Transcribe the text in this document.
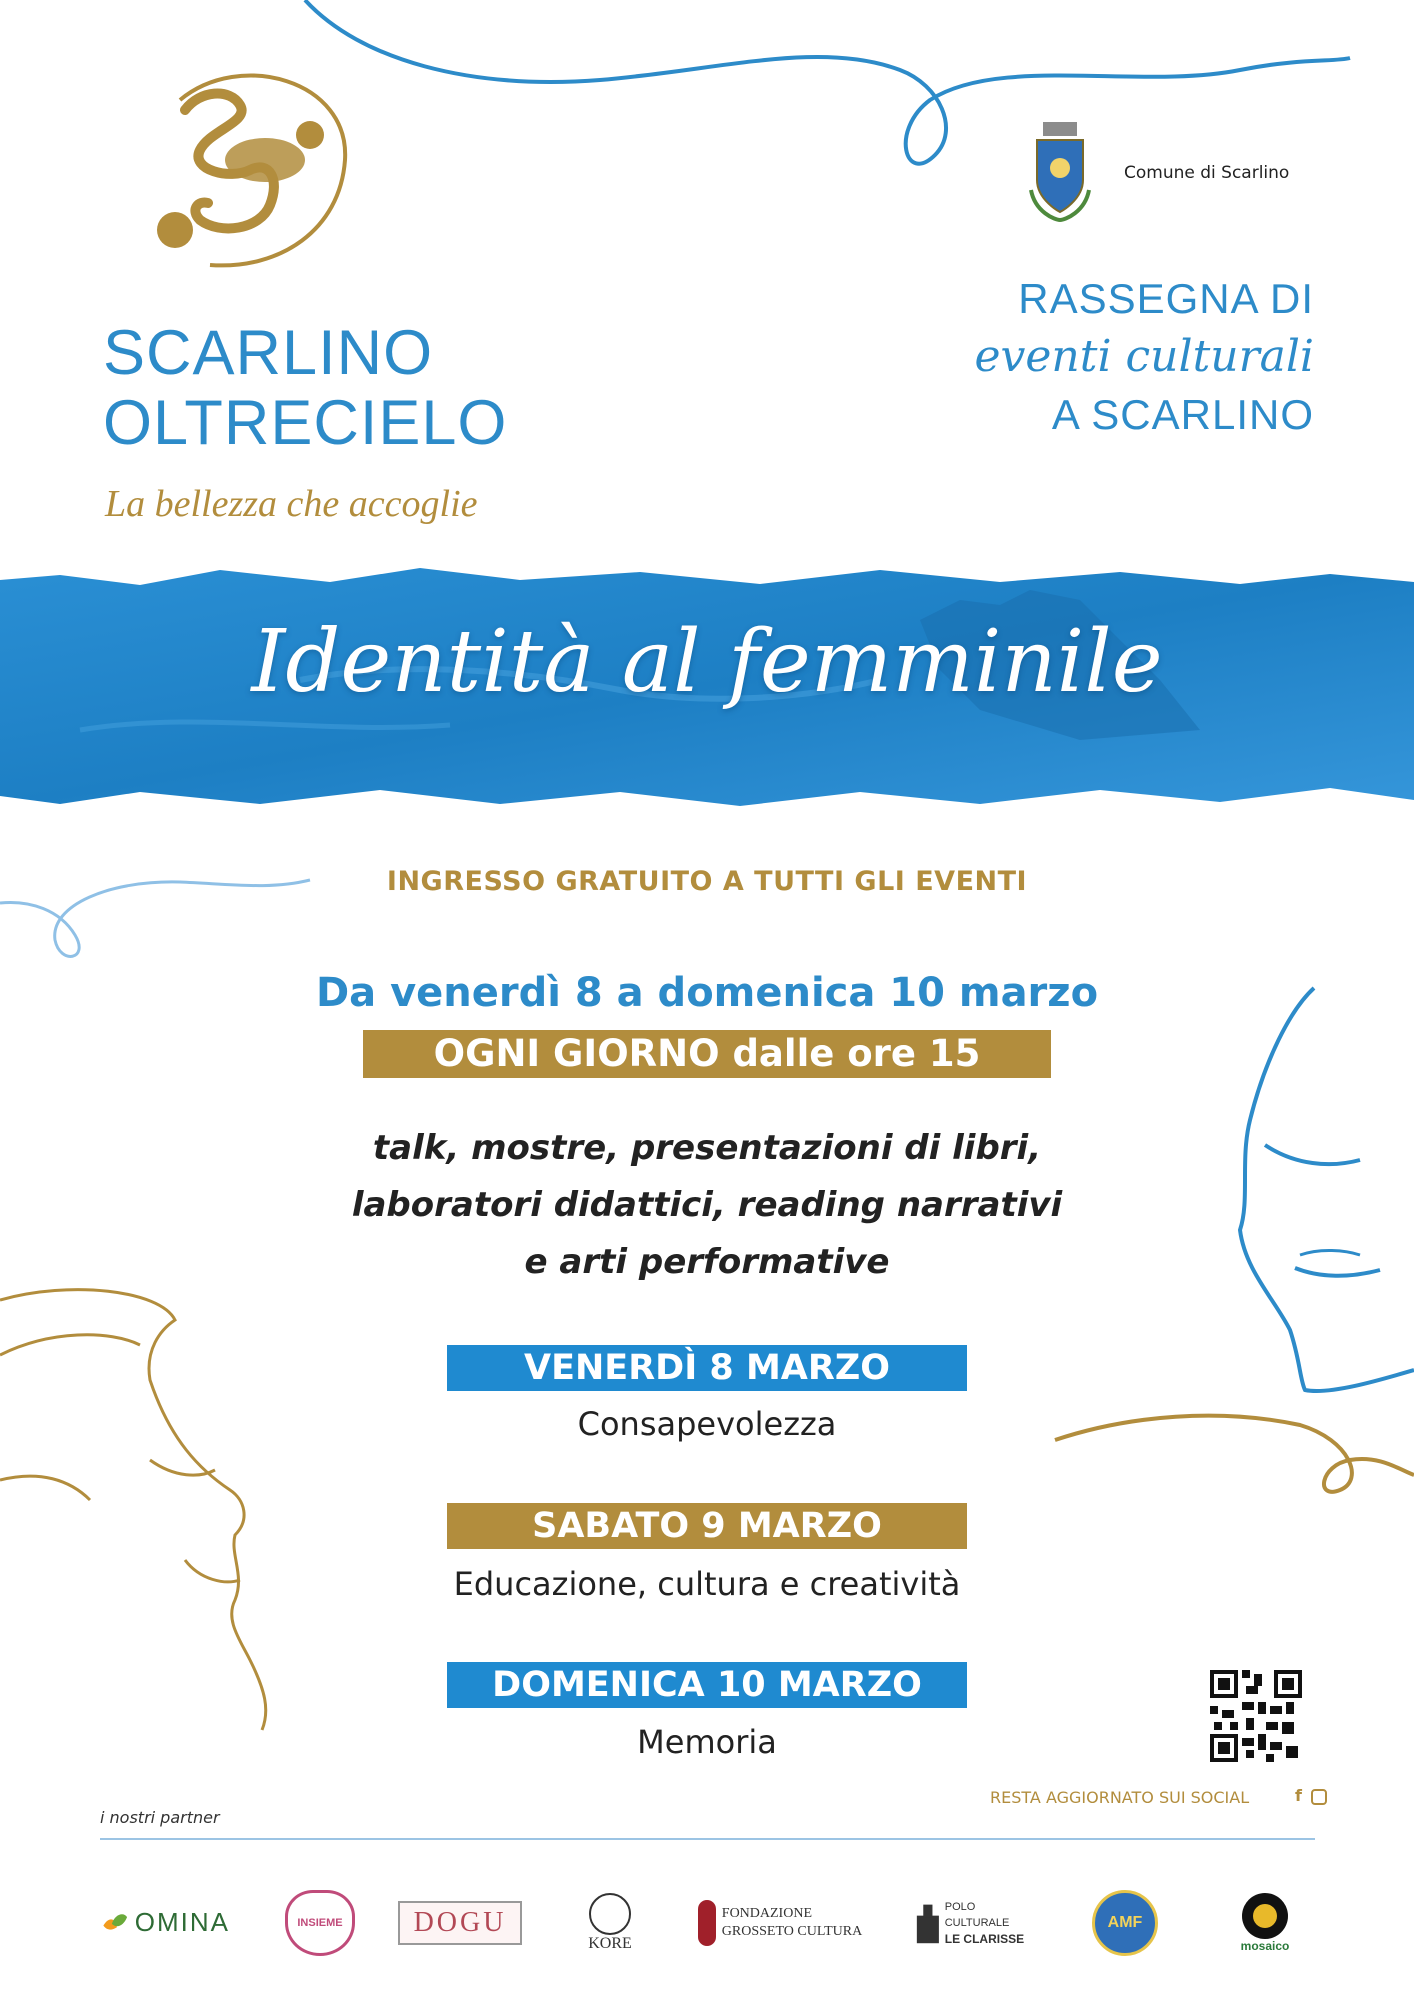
SCARLINO
OLTRECIELO
La bellezza che accoglie
Comune di Scarlino
RASSEGNA DI
eventi culturali
A SCARLINO
Identità al femminile
INGRESSO GRATUITO A TUTTI GLI EVENTI
Da venerdì 8 a domenica 10 marzo
OGNI GIORNO dalle ore 15
talk, mostre, presentazioni di libri,
laboratori didattici, reading narrativi
e arti performative
VENERDÌ 8 MARZO
Consapevolezza
SABATO 9 MARZO
Educazione, cultura e creatività
DOMENICA 10 MARZO
Memoria
RESTA AGGIORNATO SUI SOCIAL	f
i nostri partner
OMINA	INSIEME	DOGU
KORE
FONDAZIONE
GROSSETO CULTURA
POLO CULTURALE
LE CLARISSE
AMF
mosaico
